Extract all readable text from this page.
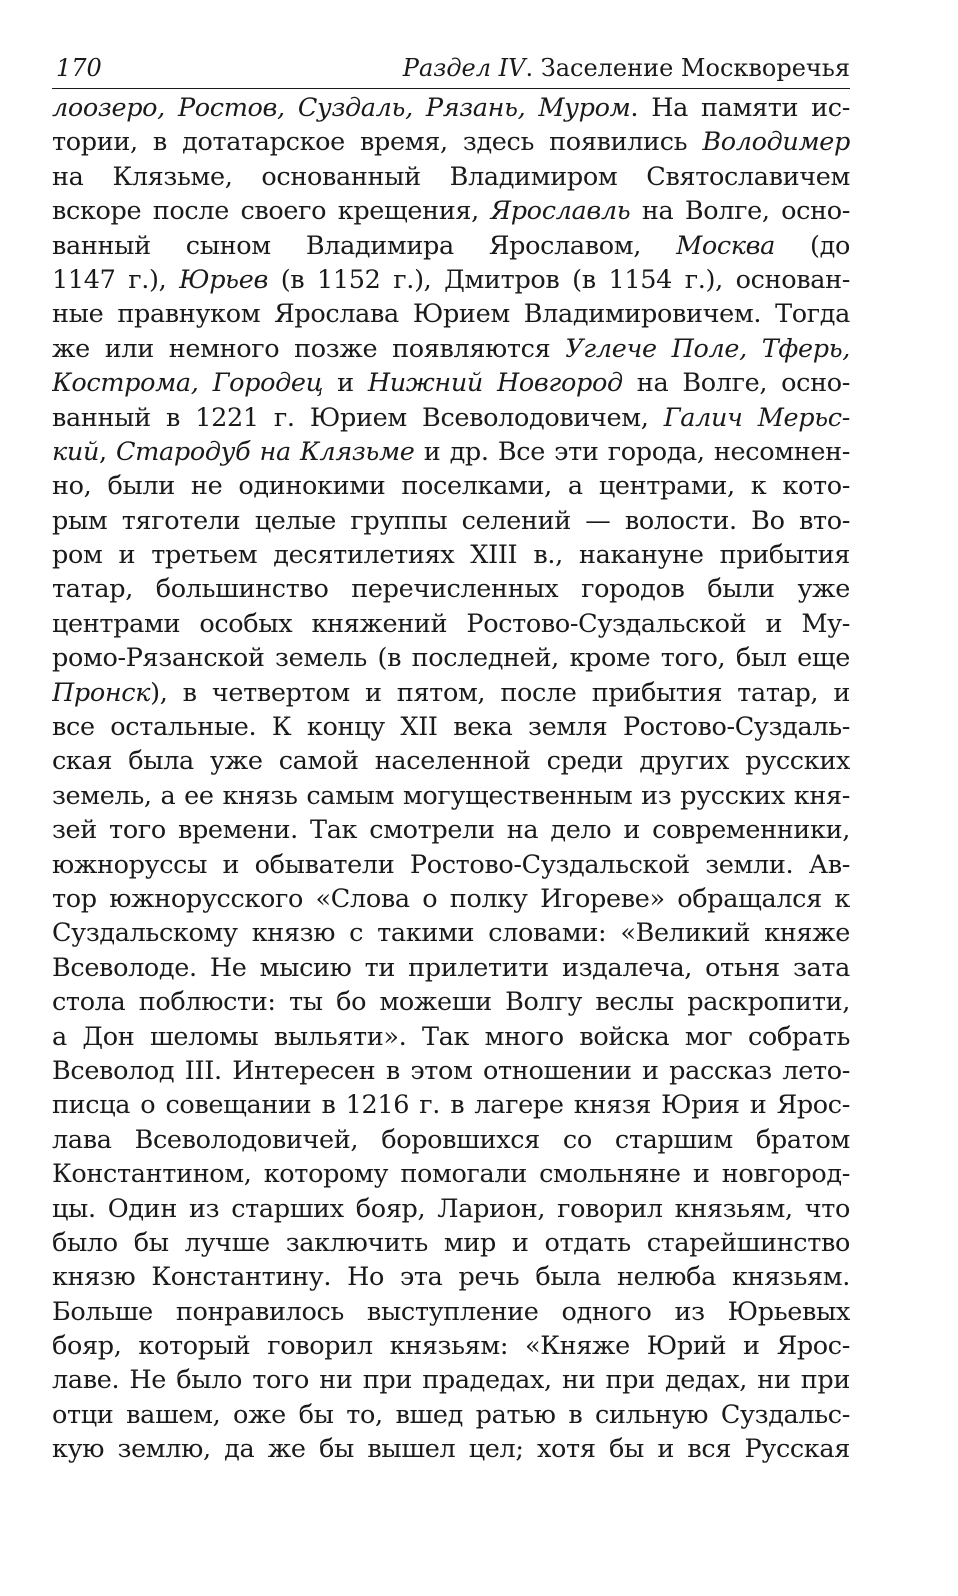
170	Раздел IV. Заселение Москворечья
лоозеро, Ростов, Суздаль, Рязань, Муром. На памяти ис-
тории, в дотатарское время, здесь появились Володимер
на Клязьме, основанный Владимиром Святославичем
вскоре после своего крещения, Ярославль на Волге, осно-
ванный сыном Владимира Ярославом, Москва (до
1147 г.), Юрьев (в 1152 г.), Дмитров (в 1154 г.), основан-
ные правнуком Ярослава Юрием Владимировичем. Тогда
же или немного позже появляются Углече Поле, Тферь,
Кострома, Городец и Нижний Новгород на Волге, осно-
ванный в 1221 г. Юрием Всеволодовичем, Галич Мерьс-
кий, Стародуб на Клязьме и др. Все эти города, несомнен-
но, были не одинокими поселками, а центрами, к кото-
рым тяготели целые группы селений — волости. Во вто-
ром и третьем десятилетиях XIII в., накануне прибытия
татар, большинство перечисленных городов были уже
центрами особых княжений Ростово-Суздальской и Му-
ромо-Рязанской земель (в последней, кроме того, был еще
Пронск), в четвертом и пятом, после прибытия татар, и
все остальные. К концу XII века земля Ростово-Суздаль-
ская была уже самой населенной среди других русских
земель, а ее князь самым могущественным из русских кня-
зей того времени. Так смотрели на дело и современники,
южноруссы и обыватели Ростово-Суздальской земли. Ав-
тор южнорусского «Слова о полку Игореве» обращался к
Суздальскому князю с такими словами: «Великий княже
Всеволоде. Не мысию ти прилетити издалеча, отьня зата
стола поблюсти: ты бо можеши Волгу веслы раскропити,
а Дон шеломы выльяти». Так много войска мог собрать
Всеволод III. Интересен в этом отношении и рассказ лето-
писца о совещании в 1216 г. в лагере князя Юрия и Ярос-
лава Всеволодовичей, боровшихся со старшим братом
Константином, которому помогали смольняне и новгород-
цы. Один из старших бояр, Ларион, говорил князьям, что
было бы лучше заключить мир и отдать старейшинство
князю Константину. Но эта речь была нелюба князьям.
Больше понравилось выступление одного из Юрьевых
бояр, который говорил князьям: «Княже Юрий и Ярос-
лаве. Не было того ни при прадедах, ни при дедах, ни при
отци вашем, оже бы то, вшед ратью в сильную Суздальс-
кую землю, да же бы вышел цел; хотя бы и вся Русская
